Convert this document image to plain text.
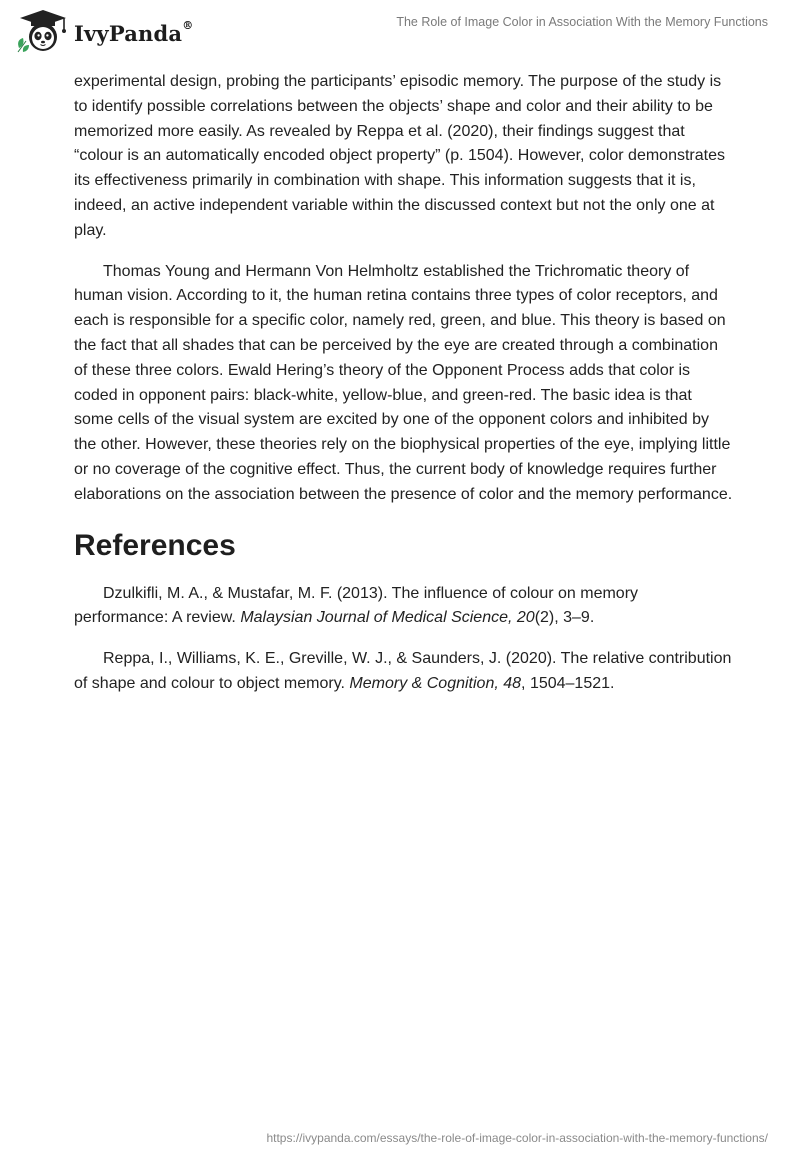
IvyPanda®	The Role of Image Color in Association With the Memory Functions

experimental design, probing the participants’ episodic memory. The purpose of the study is to identify possible correlations between the objects’ shape and color and their ability to be memorized more easily. As revealed by Reppa et al. (2020), their findings suggest that “colour is an automatically encoded object property” (p. 1504). However, color demonstrates its effectiveness primarily in combination with shape. This information suggests that it is, indeed, an active independent variable within the discussed context but not the only one at play.

Thomas Young and Hermann Von Helmholtz established the Trichromatic theory of human vision. According to it, the human retina contains three types of color receptors, and each is responsible for a specific color, namely red, green, and blue. This theory is based on the fact that all shades that can be perceived by the eye are created through a combination of these three colors. Ewald Hering’s theory of the Opponent Process adds that color is coded in opponent pairs: black-white, yellow-blue, and green-red. The basic idea is that some cells of the visual system are excited by one of the opponent colors and inhibited by the other. However, these theories rely on the biophysical properties of the eye, implying little or no coverage of the cognitive effect. Thus, the current body of knowledge requires further elaborations on the association between the presence of color and the memory performance.

References

Dzulkifli, M. A., & Mustafar, M. F. (2013). The influence of colour on memory performance: A review. Malaysian Journal of Medical Science, 20(2), 3–9.

Reppa, I., Williams, K. E., Greville, W. J., & Saunders, J. (2020). The relative contribution of shape and colour to object memory. Memory & Cognition, 48, 1504–1521.

https://ivypanda.com/essays/the-role-of-image-color-in-association-with-the-memory-functions/
